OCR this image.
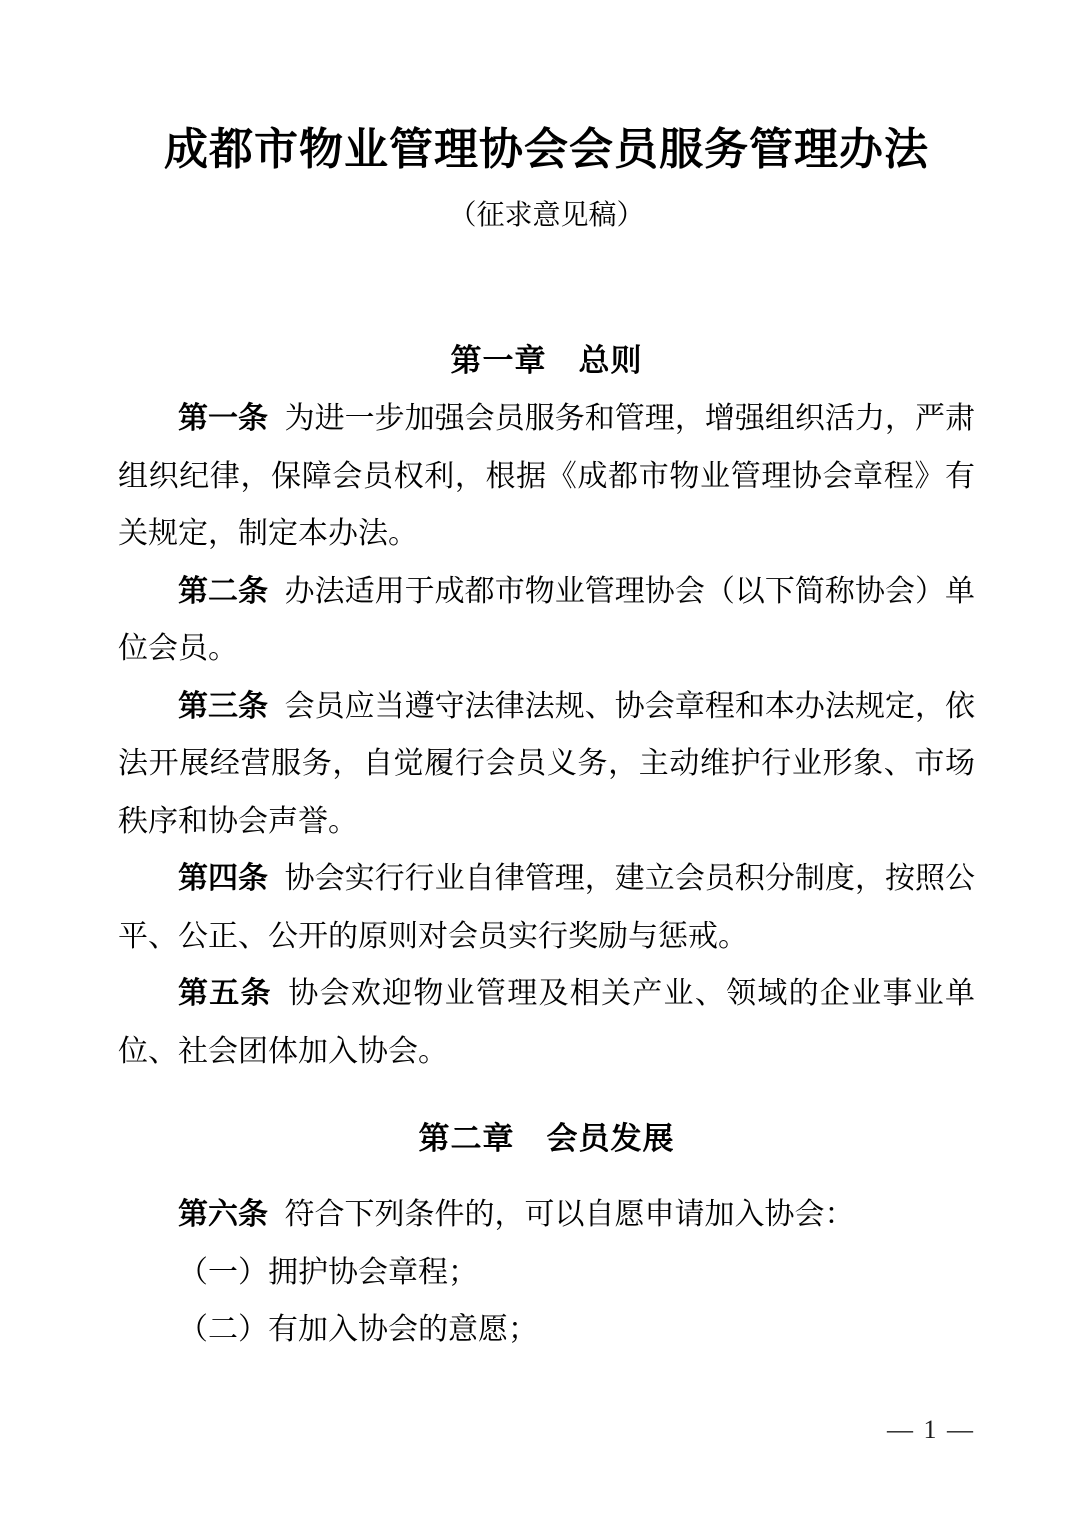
成都市物业管理协会会员服务管理办法
（征求意见稿）
第一章　总则

第一条 为进一步加强会员服务和管理，增强组织活力，严肃组织纪律，保障会员权利，根据《成都市物业管理协会章程》有关规定，制定本办法。

第二条 办法适用于成都市物业管理协会（以下简称协会）单位会员。

第三条 会员应当遵守法律法规、协会章程和本办法规定，依法开展经营服务，自觉履行会员义务，主动维护行业形象、市场秩序和协会声誉。

第四条 协会实行行业自律管理，建立会员积分制度，按照公平、公正、公开的原则对会员实行奖励与惩戒。

第五条 协会欢迎物业管理及相关产业、领域的企业事业单位、社会团体加入协会。

第二章　会员发展

第六条 符合下列条件的，可以自愿申请加入协会：

（一）拥护协会章程；

（二）有加入协会的意愿；

— 1 —
